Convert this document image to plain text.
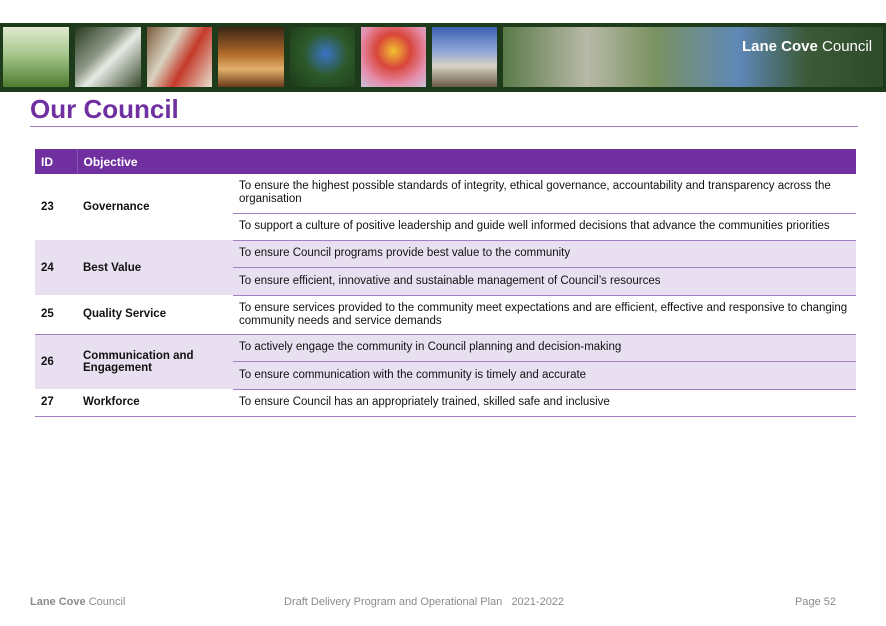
Lane Cove Council
Our Council
ID	Objective	
23	Governance	To ensure the highest possible standards of integrity, ethical governance, accountability and transparency across the organisation
		To support a culture of positive leadership and guide well informed decisions that advance the communities priorities
24	Best Value	To ensure Council programs provide best value to the community
		To ensure efficient, innovative and sustainable management of Council’s resources
25	Quality Service	To ensure services provided to the community meet expectations and are efficient, effective and responsive to changing community needs and service demands
26	Communication and Engagement	To actively engage the community in Council planning and decision-making
		To ensure communication with the community is timely and accurate
27	Workforce	To ensure Council has an appropriately trained, skilled safe and inclusive
Lane Cove Council	Draft Delivery Program and Operational Plan 2021-2022	Page 52
